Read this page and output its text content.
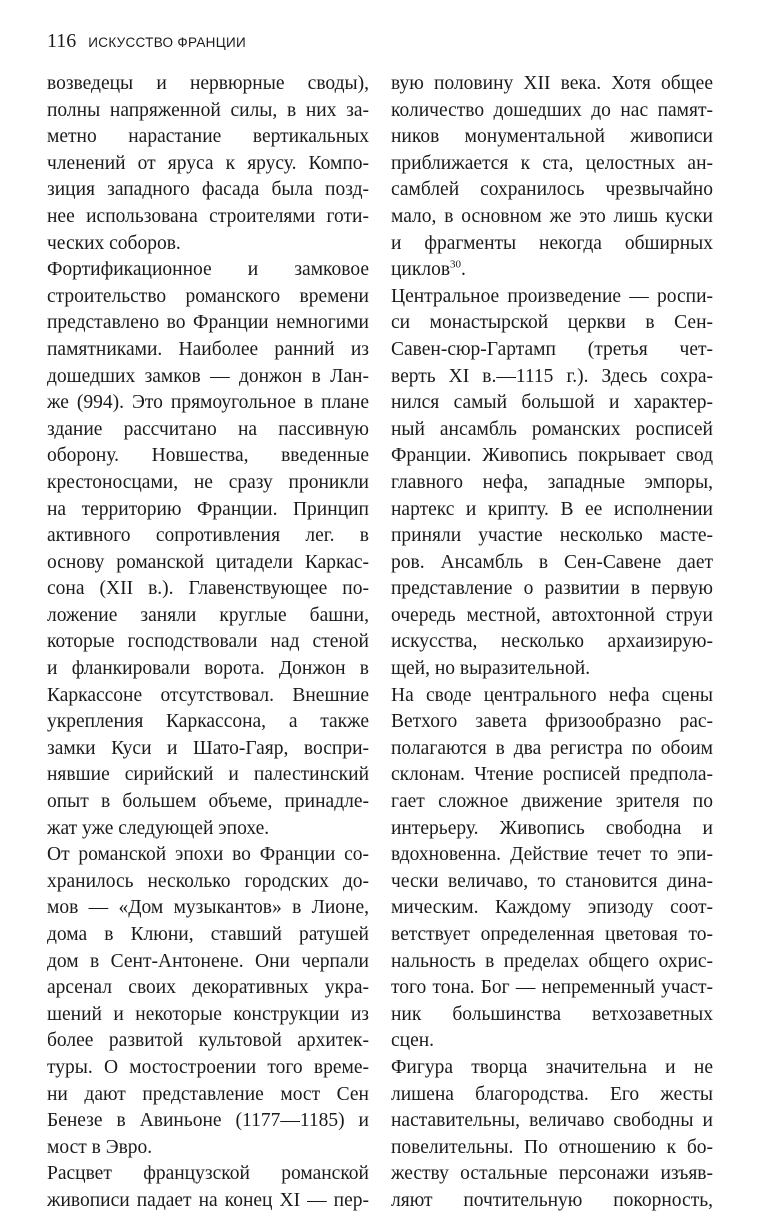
116 ИСКУССТВО ФРАНЦИИ
возведецы и нервюрные своды),
полны напряженной силы, в них за-
метно нарастание вертикальных
членений от яруса к ярусу. Компо-
зиция западного фасада была позд-
нее использована строителями готи-
ческих соборов.
Фортификационное и замковое
строительство романского времени
представлено во Франции немногими
памятниками. Наиболее ранний из
дошедших замков — донжон в Лан-
же (994). Это прямоугольное в плане
здание рассчитано на пассивную
оборону. Новшества, введенные
крестоносцами, не сразу проникли
на территорию Франции. Принцип
активного сопротивления лег. в
основу романской цитадели Каркас-
сона (XII в.). Главенствующее по-
ложение заняли круглые башни,
которые господствовали над стеной
и фланкировали ворота. Донжон в
Каркассоне отсутствовал. Внешние
укрепления Каркассона, а также
замки Куси и Шато-Гаяр, воспри-
нявшие сирийский и палестинский
опыт в большем объеме, принадле-
жат уже следующей эпохе.
От романской эпохи во Франции со-
хранилось несколько городских до-
мов — «Дом музыкантов» в Лионе,
дома в Клюни, ставший ратушей
дом в Сент-Антонене. Они черпали
арсенал своих декоративных укра-
шений и некоторые конструкции из
более развитой культовой архитек-
туры. О мостостроении того време-
ни дают представление мост Сен
Бенезе в Авиньоне (1177—1185) и
мост в Эвро.
Расцвет французской романской
живописи падает на конец XI — пер-
вую половину XII века. Хотя общее
количество дошедших до нас памят-
ников монументальной живописи
приближается к ста, целостных ан-
самблей сохранилось чрезвычайно
мало, в основном же это лишь куски
и фрагменты некогда обширных
циклов$^{30}$.
Центральное произведение — роспи-
си монастырской церкви в Сен-
Савен-сюр-Гартамп (третья чет-
верть XI в.—1115 г.). Здесь сохра-
нился самый большой и характер-
ный ансамбль романских росписей
Франции. Живопись покрывает свод
главного нефа, западные эмпоры,
нартекс и крипту. В ее исполнении
приняли участие несколько масте-
ров. Ансамбль в Сен-Савене дает
представление о развитии в первую
очередь местной, автохтонной струи
искусства, несколько архаизирую-
щей, но выразительной.
На своде центрального нефа сцены
Ветхого завета фризообразно рас-
полагаются в два регистра по обоим
склонам. Чтение росписей предпола-
гает сложное движение зрителя по
интерьеру. Живопись свободна и
вдохновенна. Действие течет то эпи-
чески величаво, то становится дина-
мическим. Каждому эпизоду соот-
ветствует определенная цветовая то-
нальность в пределах общего охрис-
того тона. Бог — непременный участ-
ник большинства ветхозаветных
сцен.
Фигура творца значительна и не
лишена благородства. Его жесты
наставительны, величаво свободны и
повелительны. По отношению к бо-
жеству остальные персонажи изъяв-
ляют почтительную покорность,
